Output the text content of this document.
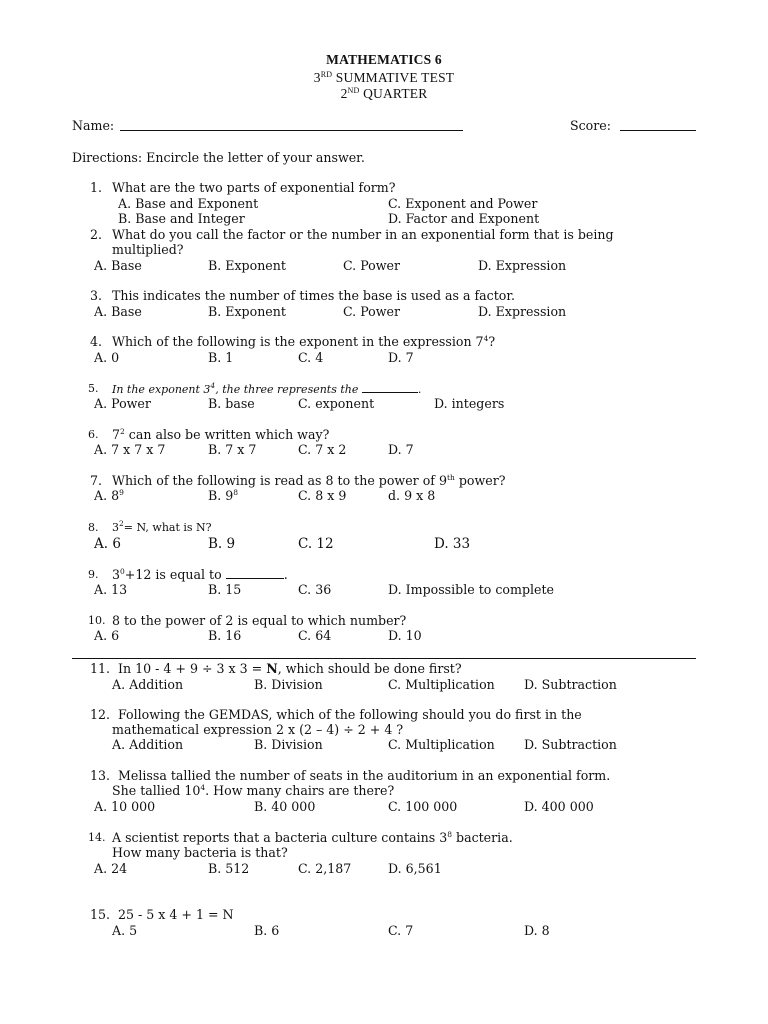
MATHEMATICS 6
3RD SUMMATIVE TEST
2ND QUARTER
Name:	Score:
Directions: Encircle the letter of your answer.
1. What are the two parts of exponential form?
A. Base and Exponent	C. Exponent and Power
B. Base and Integer	D. Factor and Exponent
2. What do you call the factor or the number in an exponential form that is being
multiplied?
A. Base	B. Exponent	C. Power	D. Expression
3. This indicates the number of times the base is used as a factor.
A. Base	B. Exponent	C. Power	D. Expression
4. Which of the following is the exponent in the expression $7^4$?
A. 0	B. 1	C. 4	D. 7
5. In the exponent $3^4$, the three represents the	.
A. Power	B. base	C. exponent	D. integers
6. $7^2$ can also be written which way?
A. 7 x 7 x 7	B. 7 x 7	C. 7 x 2	D. 7
7. Which of the following is read as 8 to the power of 9th power?
A. $8^9$	B. $9^8$	C. 8 x 9	d. 9 x 8
8. $3^2= N$, what is N?
A. 6	B. 9	C. 12	D. 33
9. $3^0+12$ is equal to	.
A. 13	B. 15	C. 36	D. Impossible to complete
10. 8 to the power of 2 is equal to which number?
A. 6	B. 16	C. 64	D. 10
11. In 10 - 4 + 9 ÷ 3 x 3 = N, which should be done first?
A. Addition	B. Division	C. Multiplication D. Subtraction
12. Following the GEMDAS, which of the following should you do first in the
mathematical expression 2 x (2 – 4) ÷ 2 + 4 ?
A. Addition	B. Division	C. Multiplication D. Subtraction
13. Melissa tallied the number of seats in the auditorium in an exponential form.
She tallied $10^4$. How many chairs are there?
A. 10 000	B. 40 000	C. 100 000	D. 400 000
14. A scientist reports that a bacteria culture contains $3^8$ bacteria.
How many bacteria is that?
A. 24	B. 512	C. 2,187	D. 6,561
15. 25 - 5 x 4 + 1 = N
A. 5	B. 6	C. 7	D. 8
